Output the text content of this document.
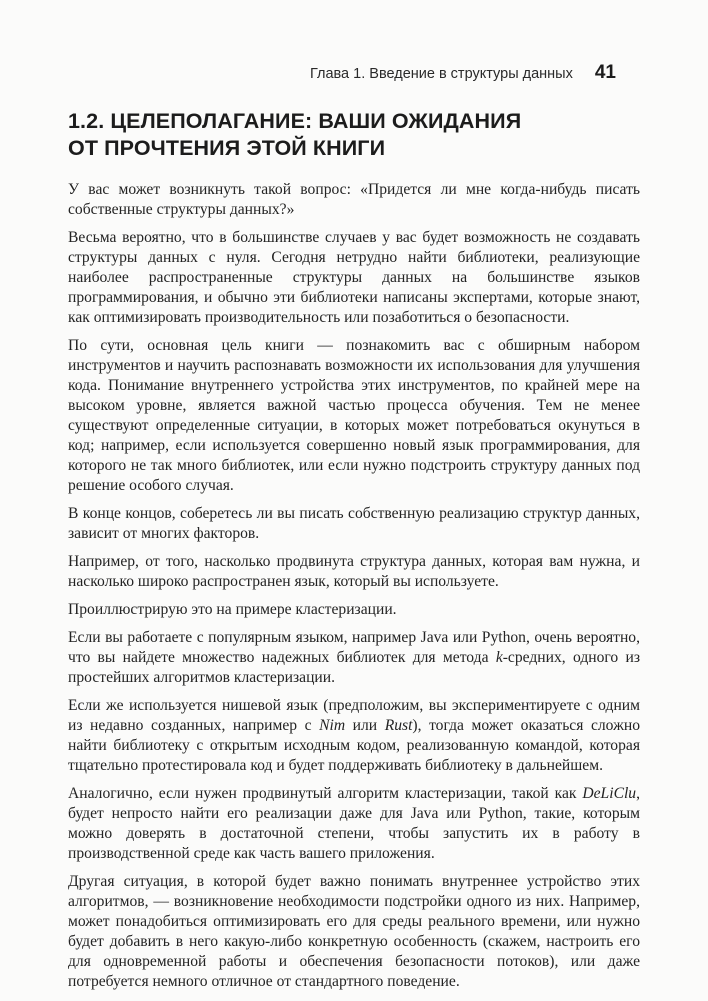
Глава 1. Введение в структуры данных 41
1.2. ЦЕЛЕПОЛАГАНИЕ: ВАШИ ОЖИДАНИЯ
ОТ ПРОЧТЕНИЯ ЭТОЙ КНИГИ

У вас может возникнуть такой вопрос: «Придется ли мне когда-нибудь писать собственные структуры данных?»

Весьма вероятно, что в большинстве случаев у вас будет возможность не создавать структуры данных с нуля. Сегодня нетрудно найти библиотеки, реализующие наиболее распространенные структуры данных на большинстве языков программирования, и обычно эти библиотеки написаны экспертами, которые знают, как оптимизировать производительность или позаботиться о безопасности.

По сути, основная цель книги — познакомить вас с обширным набором инструментов и научить распознавать возможности их использования для улучшения кода. Понимание внутреннего устройства этих инструментов, по крайней мере на высоком уровне, является важной частью процесса обучения. Тем не менее существуют определенные ситуации, в которых может потребоваться окунуться в код; например, если используется совершенно новый язык программирования, для которого не так много библиотек, или если нужно подстроить структуру данных под решение особого случая.

В конце концов, соберетесь ли вы писать собственную реализацию структур данных, зависит от многих факторов.

Например, от того, насколько продвинута структура данных, которая вам нужна, и насколько широко распространен язык, который вы используете.

Проиллюстрирую это на примере кластеризации.

Если вы работаете с популярным языком, например Java или Python, очень вероятно, что вы найдете множество надежных библиотек для метода k-средних, одного из простейших алгоритмов кластеризации.

Если же используется нишевой язык (предположим, вы экспериментируете с одним из недавно созданных, например с Nim или Rust), тогда может оказаться сложно найти библиотеку с открытым исходным кодом, реализованную командой, которая тщательно протестировала код и будет поддерживать библиотеку в дальнейшем.

Аналогично, если нужен продвинутый алгоритм кластеризации, такой как DeLiClu, будет непросто найти его реализации даже для Java или Python, такие, которым можно доверять в достаточной степени, чтобы запустить их в работу в производственной среде как часть вашего приложения.

Другая ситуация, в которой будет важно понимать внутреннее устройство этих алгоритмов, — возникновение необходимости подстройки одного из них. Например, может понадобиться оптимизировать его для среды реального времени, или нужно будет добавить в него какую-либо конкретную особенность (скажем, настроить его для одновременной работы и обеспечения безопасности потоков), или даже потребуется немного отличное от стандартного поведение.
